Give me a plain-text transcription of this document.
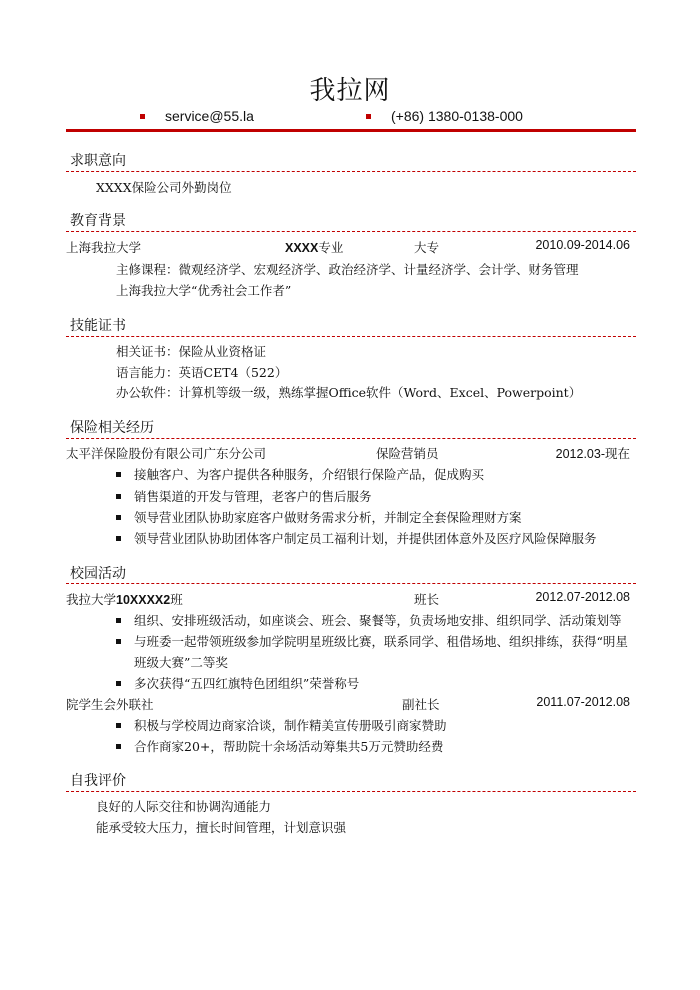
我拉网
service@55.la	(+86) 1380-0138-000
求职意向
XXXX保险公司外勤岗位
教育背景
上海我拉大学	XXXX专业	大专	2010.09-2014.06
主修课程：微观经济学、宏观经济学、政治经济学、计量经济学、会计学、财务管理
上海我拉大学“优秀社会工作者”
技能证书
相关证书：保险从业资格证
语言能力：英语CET4（522）
办公软件：计算机等级一级，熟练掌握Office软件（Word、Excel、Powerpoint）
保险相关经历
太平洋保险股份有限公司广东分公司	保险营销员	2012.03-现在
接触客户、为客户提供各种服务，介绍银行保险产品，促成购买
销售渠道的开发与管理，老客户的售后服务
领导营业团队协助家庭客户做财务需求分析，并制定全套保险理财方案
领导营业团队协助团体客户制定员工福利计划，并提供团体意外及医疗风险保障服务
校园活动
我拉大学10XXXX2班	班长	2012.07-2012.08
组织、安排班级活动，如座谈会、班会、聚餐等，负责场地安排、组织同学、活动策划等
与班委一起带领班级参加学院明星班级比赛，联系同学、租借场地、组织排练，获得“明星
班级大赛”二等奖
多次获得“五四红旗特色团组织”荣誉称号
院学生会外联社	副社长	2011.07-2012.08
积极与学校周边商家洽谈，制作精美宣传册吸引商家赞助
合作商家20+，帮助院十余场活动筹集共5万元赞助经费
自我评价
良好的人际交往和协调沟通能力
能承受较大压力，擅长时间管理，计划意识强
